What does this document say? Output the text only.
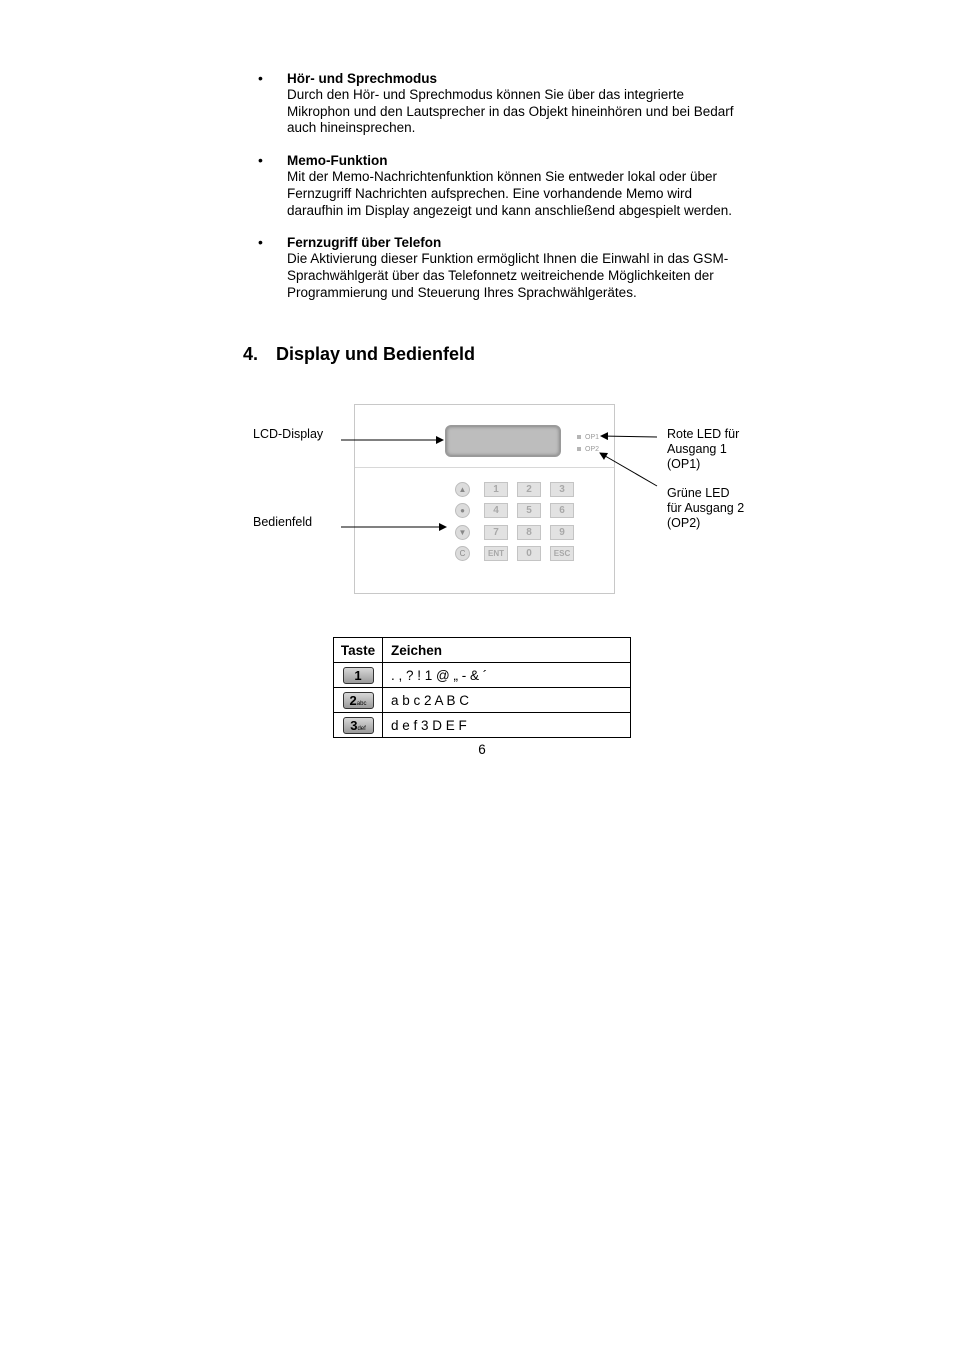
• Hör- und Sprechmodus
Durch den Hör- und Sprechmodus können Sie über das integrierte Mikrophon und den Lautsprecher in das Objekt hineinhören und bei Bedarf auch hineinsprechen.
• Memo-Funktion
Mit der Memo-Nachrichtenfunktion können Sie entweder lokal oder über Fernzugriff Nachrichten aufsprechen. Eine vorhandende Memo wird daraufhin im Display angezeigt und kann anschließend abgespielt werden.
• Fernzugriff über Telefon
Die Aktivierung dieser Funktion ermöglicht Ihnen die Einwahl in das GSM-Sprachwählgerät über das Telefonnetz weitreichende Möglichkeiten der Programmierung und Steuerung Ihres Sprachwählgerätes.
4. Display und Bedienfeld
OP1
OP2
▲	1	2	3
●	4	5	6
▼	7	8	9
C	ENT	0	ESC
LCD-Display
Bedienfeld
Rote LED für
Ausgang 1
(OP1)
Grüne LED
für Ausgang 2
(OP2)
Taste	Zeichen
1	. , ? ! 1 @ „ - & ´
2abc	a b c 2 A B C
3def	d e f 3 D E F
6
